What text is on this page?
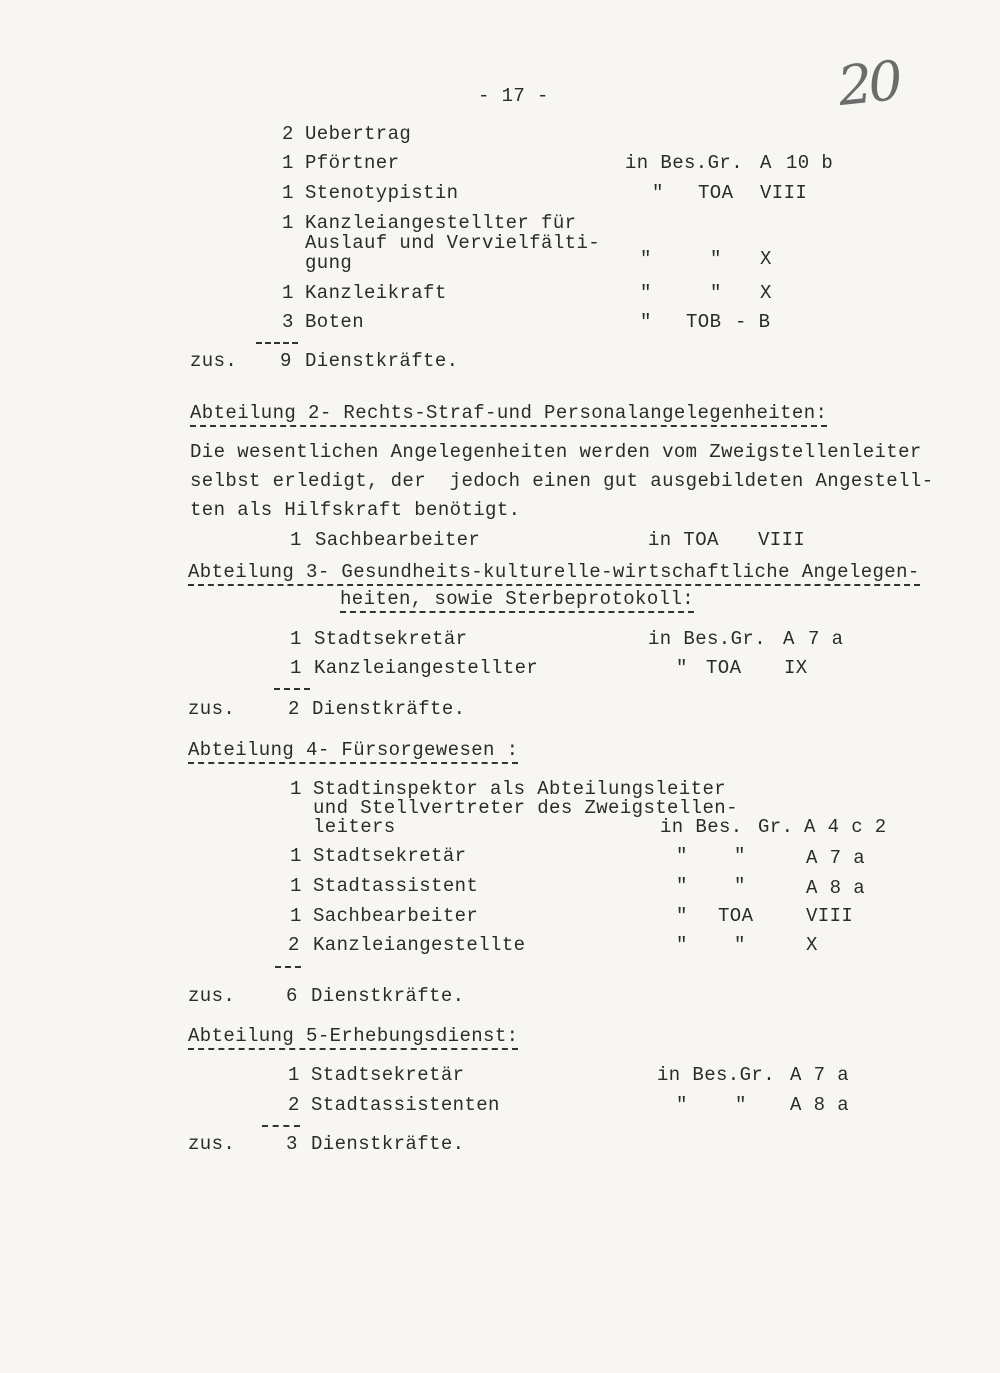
- 17 -	20
2 Uebertrag
1 Pförtner	in Bes.Gr. A 10 b
1 Stenotypistin	" TOA VIII
1 Kanzleiangestellter für
Auslauf und Vervielfälti-
gung	"	" X
1 Kanzleikraft	"	" X
3 Boten	" TOB - B
zus. 9 Dienstkräfte.
Abteilung 2- Rechts-Straf-und Personalangelegenheiten:
Die wesentlichen Angelegenheiten werden vom Zweigstellenleiter
selbst erledigt, der  jedoch einen gut ausgebildeten Angestell-
ten als Hilfskraft benötigt.
1 Sachbearbeiter	in TOA VIII
Abteilung 3- Gesundheits-kulturelle-wirtschaftliche Angelegen-
heiten, sowie Sterbeprotokoll:
1 Stadtsekretär	in Bes.Gr. A 7 a
1 Kanzleiangestellter	" TOA IX
zus.	2 Dienstkräfte.
Abteilung 4- Fürsorgewesen :
1 Stadtinspektor als Abteilungsleiter
und Stellvertreter des Zweigstellen-
leiters	in Bes. Gr. A 4 c 2
1 Stadtsekretär	" "	A 7 a
1 Stadtassistent	" "	A 8 a
1 Sachbearbeiter	" TOA	VIII
2 Kanzleiangestellte	" "	X
zus.	6 Dienstkräfte.
Abteilung 5-Erhebungsdienst:
1 Stadtsekretär	in Bes.Gr. A 7 a
2 Stadtassistenten	"    " A 8 a
zus.	3 Dienstkräfte.
